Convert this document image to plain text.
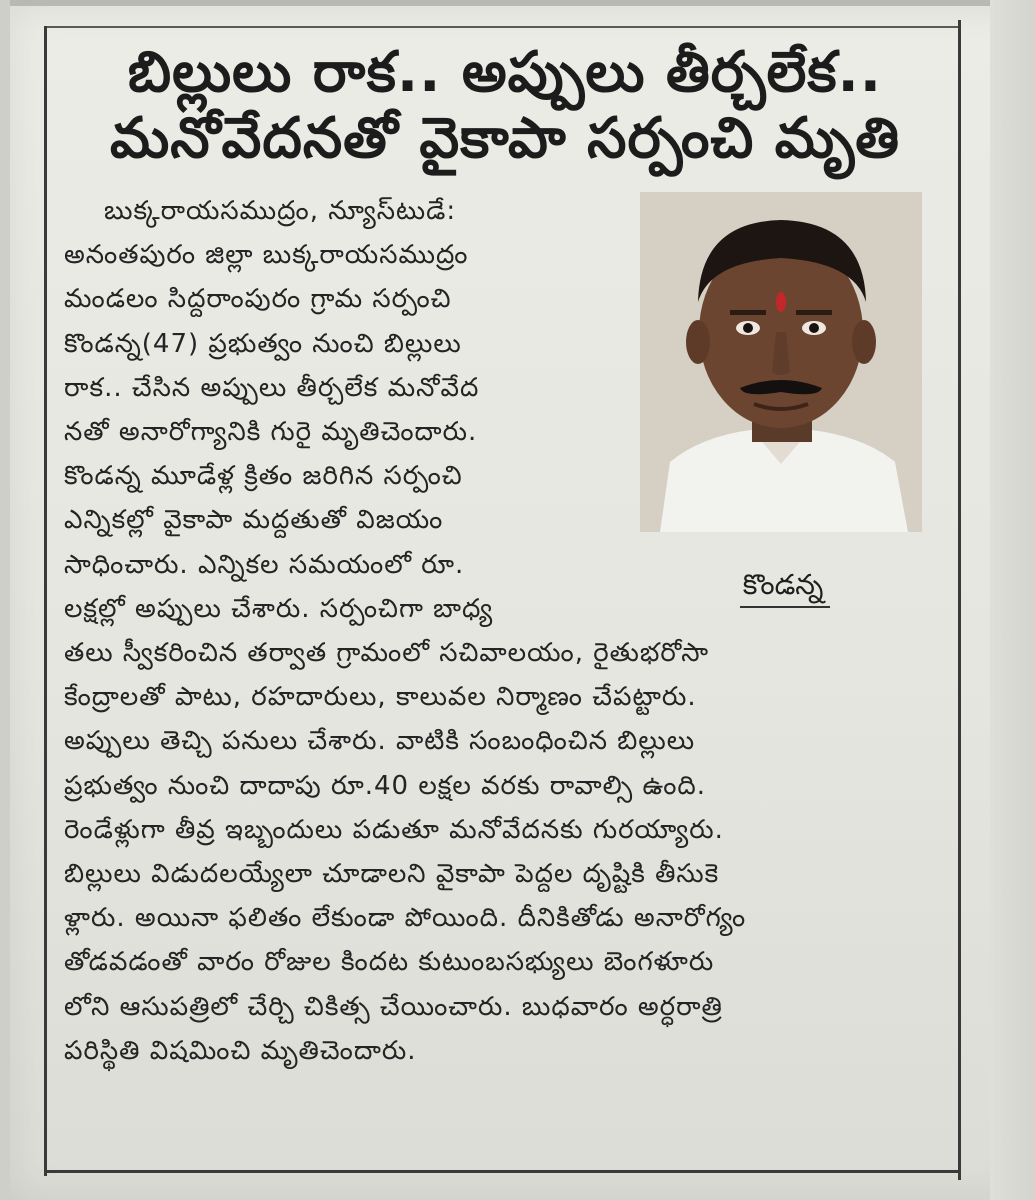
బిల్లులు రాక.. అప్పులు తీర్చలేక.. మనోవేదనతో వైకాపా సర్పంచి మృతి
కొండన్న
బుక్కరాయసముద్రం, న్యూస్‌టుడే:
అనంతపురం జిల్లా బుక్కరాయసముద్రం
మండలం సిద్దరాంపురం గ్రామ సర్పంచి
కొండన్న(47) ప్రభుత్వం నుంచి బిల్లులు
రాక.. చేసిన అప్పులు తీర్చలేక మనోవేద
నతో అనారోగ్యానికి గురై మృతిచెందారు.
కొండన్న మూడేళ్ల క్రితం జరిగిన సర్పంచి
ఎన్నికల్లో వైకాపా మద్దతుతో విజయం
సాధించారు. ఎన్నికల సమయంలో రూ.
లక్షల్లో అప్పులు చేశారు. సర్పంచిగా బాధ్య
తలు స్వీకరించిన తర్వాత గ్రామంలో సచివాలయం, రైతుభరోసా
కేంద్రాలతో పాటు, రహదారులు, కాలువల నిర్మాణం చేపట్టారు.
అప్పులు తెచ్చి పనులు చేశారు. వాటికి సంబంధించిన బిల్లులు
ప్రభుత్వం నుంచి దాదాపు రూ.40 లక్షల వరకు రావాల్సి ఉంది.
రెండేళ్లుగా తీవ్ర ఇబ్బందులు పడుతూ మనోవేదనకు గురయ్యారు.
బిల్లులు విడుదలయ్యేలా చూడాలని వైకాపా పెద్దల దృష్టికి తీసుకె
ళ్లారు. అయినా ఫలితం లేకుండా పోయింది. దీనికితోడు అనారోగ్యం
తోడవడంతో వారం రోజుల కిందట కుటుంబసభ్యులు బెంగళూరు
లోని ఆసుపత్రిలో చేర్చి చికిత్స చేయించారు. బుధవారం అర్ధరాత్రి
పరిస్థితి విషమించి మృతిచెందారు.
